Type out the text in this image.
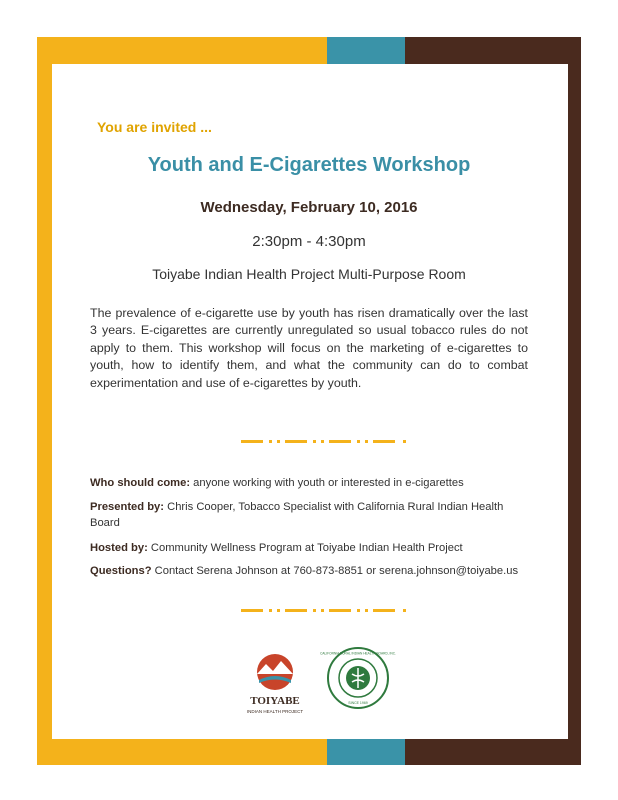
You are invited ...
Youth and E-Cigarettes Workshop
Wednesday, February 10, 2016
2:30pm - 4:30pm
Toiyabe Indian Health Project Multi-Purpose Room
The prevalence of e-cigarette use by youth has risen dramatically over the last 3 years. E-cigarettes are currently unregulated so usual tobacco rules do not apply to them. This workshop will focus on the marketing of e-cigarettes to youth, how to identify them, and what the community can do to combat experimentation and use of e-cigarettes by youth.
Who should come: anyone working with youth or interested in e-cigarettes
Presented by: Chris Cooper, Tobacco Specialist with California Rural Indian Health Board
Hosted by: Community Wellness Program at Toiyabe Indian Health Project
Questions? Contact Serena Johnson at 760-873-8851 or serena.johnson@toiyabe.us
TOIYABE
INDIAN HEALTH PROJECT
CALIFORNIA RURAL INDIAN HEALTH BOARD, INC.
SINCE 1969
